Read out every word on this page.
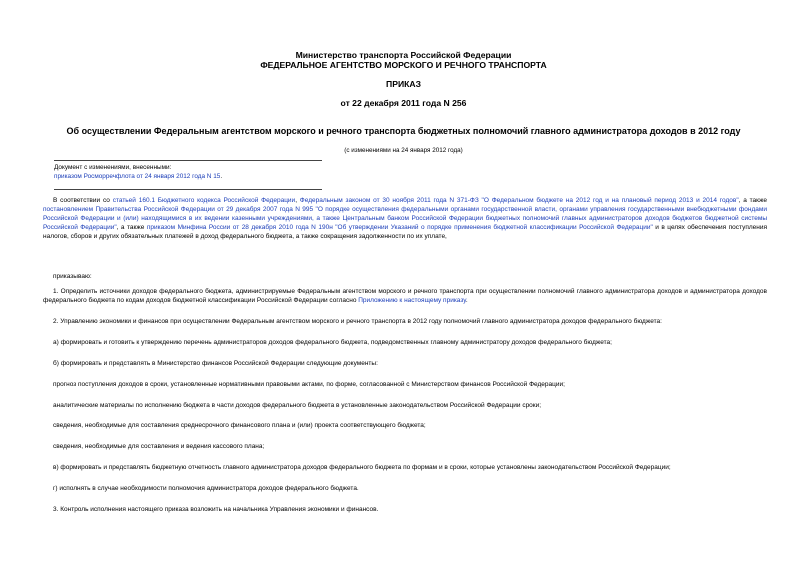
Министерство транспорта Российской Федерации
ФЕДЕРАЛЬНОЕ АГЕНТСТВО МОРСКОГО И РЕЧНОГО ТРАНСПОРТА
ПРИКАЗ
от 22 декабря 2011 года N 256
Об осуществлении Федеральным агентством морского и речного транспорта бюджетных полномочий главного администратора доходов в 2012 году
(с изменениями на 24 января 2012 года)
Документ с изменениями, внесенными:
приказом Росморречфлота от 24 января 2012 года N 15.

В соответствии со статьей 160.1 Бюджетного кодекса Российской Федерации, Федеральным законом от 30 ноября 2011 года N 371-ФЗ "О Федеральном бюджете на 2012 год и на плановый период 2013 и 2014 годов", а также постановлением Правительства Российской Федерации от 29 декабря 2007 года N 995 "О порядке осуществления федеральными органами государственной власти, органами управления государственными внебюджетными фондами Российской Федерации и (или) находящимися в их ведении казенными учреждениями, а также Центральным банком Российской Федерации бюджетных полномочий главных администраторов доходов бюджетов бюджетной системы Российской Федерации", а также приказом Минфина России от 28 декабря 2010 года N 190н "Об утверждении Указаний о порядке применения бюджетной классификации Российской Федерации" и в целях обеспечения поступления налогов, сборов и других обязательных платежей в доход федерального бюджета, а также сокращения задолженности по их уплате,

приказываю:

1. Определить источники доходов федерального бюджета, администрируемые Федеральным агентством морского и речного транспорта при осуществлении полномочий главного администратора доходов и администратора доходов федерального бюджета по кодам доходов бюджетной классификации Российской Федерации согласно Приложению к настоящему приказу.

2. Управлению экономики и финансов при осуществлении Федеральным агентством морского и речного транспорта в 2012 году полномочий главного администратора доходов федерального бюджета:
а) формировать и готовить к утверждению перечень администраторов доходов федерального бюджета, подведомственных главному администратору доходов федерального бюджета;
б) формировать и представлять в Министерство финансов Российской Федерации следующие документы:
прогноз поступления доходов в сроки, установленные нормативными правовыми актами, по форме, согласованной с Министерством финансов Российской Федерации;
аналитические материалы по исполнению бюджета в части доходов федерального бюджета в установленные законодательством Российской Федерации сроки;
сведения, необходимые для составления среднесрочного финансового плана и (или) проекта соответствующего бюджета;
сведения, необходимые для составления и ведения кассового плана;
в) формировать и представлять бюджетную отчетность главного администратора доходов федерального бюджета по формам и в сроки, которые установлены законодательством Российской Федерации;
г) исполнять в случае необходимости полномочия администратора доходов федерального бюджета.
3. Контроль исполнения настоящего приказа возложить на начальника Управления экономики и финансов.
